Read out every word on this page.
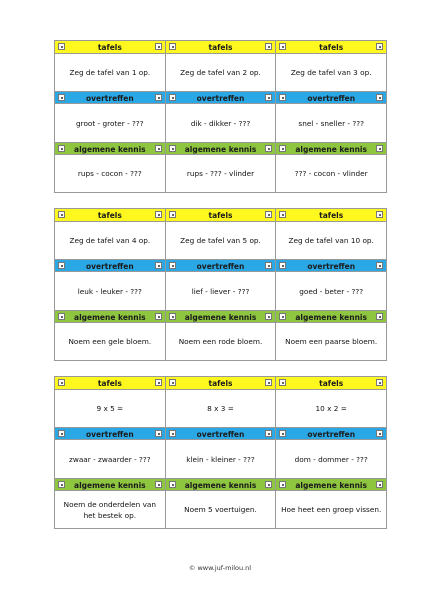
tafels
Zeg de tafel van 1 op.
overtreffen
groot - groter - ???
algemene kennis
rups - cocon - ???
tafels
Zeg de tafel van 2 op.
overtreffen
dik - dikker - ???
algemene kennis
rups - ??? - vlinder
tafels
Zeg de tafel van 3 op.
overtreffen
snel - sneller - ???
algemene kennis
??? - cocon - vlinder
tafels
Zeg de tafel van 4 op.
overtreffen
leuk - leuker - ???
algemene kennis
Noem een gele bloem.
tafels
Zeg de tafel van 5 op.
overtreffen
lief - liever - ???
algemene kennis
Noem een rode bloem.
tafels
Zeg de tafel van 10 op.
overtreffen
goed - beter - ???
algemene kennis
Noem een paarse bloem.
tafels
9 x 5 =
overtreffen
zwaar - zwaarder - ???
algemene kennis
Noem de onderdelen van het bestek op.
tafels
8 x 3 =
overtreffen
klein - kleiner - ???
algemene kennis
Noem 5 voertuigen.
tafels
10 x 2 =
overtreffen
dom - dommer - ???
algemene kennis
Hoe heet een groep vissen.
© www.juf-milou.nl
